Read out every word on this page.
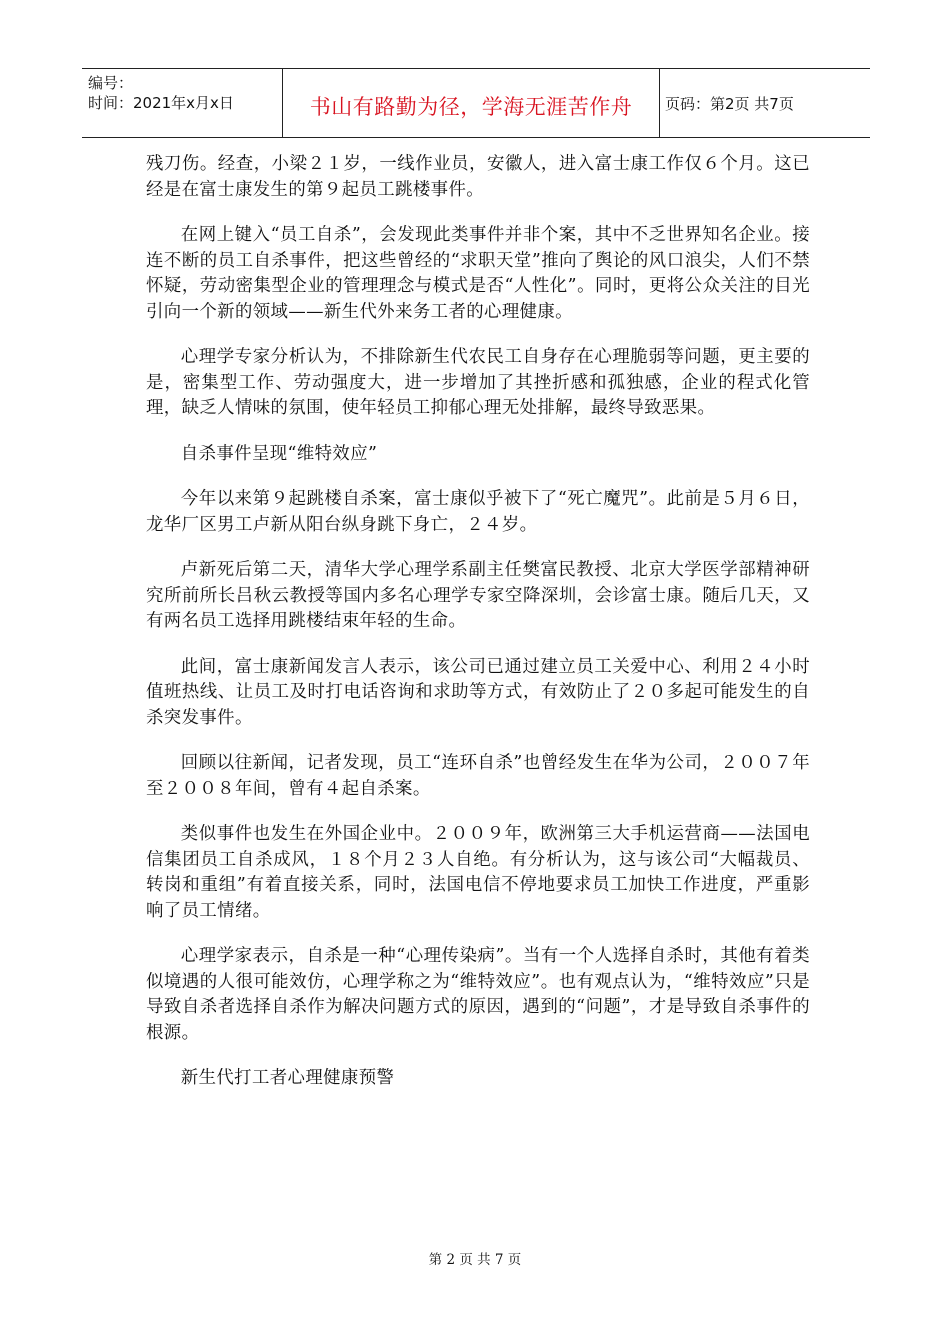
编号：
时间：2021年x月x日	书山有路勤为径，学海无涯苦作舟	页码：第2页 共7页

残刀伤。经查，小梁２１岁，一线作业员，安徽人，进入富士康工作仅６个月。这已经是在富士康发生的第９起员工跳楼事件。

在网上键入“员工自杀”，会发现此类事件并非个案，其中不乏世界知名企业。接连不断的员工自杀事件，把这些曾经的“求职天堂”推向了舆论的风口浪尖，人们不禁怀疑，劳动密集型企业的管理理念与模式是否“人性化”。同时，更将公众关注的目光引向一个新的领域——新生代外来务工者的心理健康。

心理学专家分析认为，不排除新生代农民工自身存在心理脆弱等问题，更主要的是，密集型工作、劳动强度大，进一步增加了其挫折感和孤独感，企业的程式化管理，缺乏人情味的氛围，使年轻员工抑郁心理无处排解，最终导致恶果。

自杀事件呈现“维特效应”

今年以来第９起跳楼自杀案，富士康似乎被下了“死亡魔咒”。此前是５月６日，龙华厂区男工卢新从阳台纵身跳下身亡，２４岁。

卢新死后第二天，清华大学心理学系副主任樊富民教授、北京大学医学部精神研究所前所长吕秋云教授等国内多名心理学专家空降深圳，会诊富士康。随后几天，又有两名员工选择用跳楼结束年轻的生命。

此间，富士康新闻发言人表示，该公司已通过建立员工关爱中心、利用２４小时值班热线、让员工及时打电话咨询和求助等方式，有效防止了２０多起可能发生的自杀突发事件。

回顾以往新闻，记者发现，员工“连环自杀”也曾经发生在华为公司，２００７年至２００８年间，曾有４起自杀案。

类似事件也发生在外国企业中。２００９年，欧洲第三大手机运营商——法国电信集团员工自杀成风，１８个月２３人自绝。有分析认为，这与该公司“大幅裁员、转岗和重组”有着直接关系，同时，法国电信不停地要求员工加快工作进度，严重影响了员工情绪。

心理学家表示，自杀是一种“心理传染病”。当有一个人选择自杀时，其他有着类似境遇的人很可能效仿，心理学称之为“维特效应”。也有观点认为，“维特效应”只是导致自杀者选择自杀作为解决问题方式的原因，遇到的“问题”，才是导致自杀事件的根源。

新生代打工者心理健康预警

第 2 页 共 7 页
